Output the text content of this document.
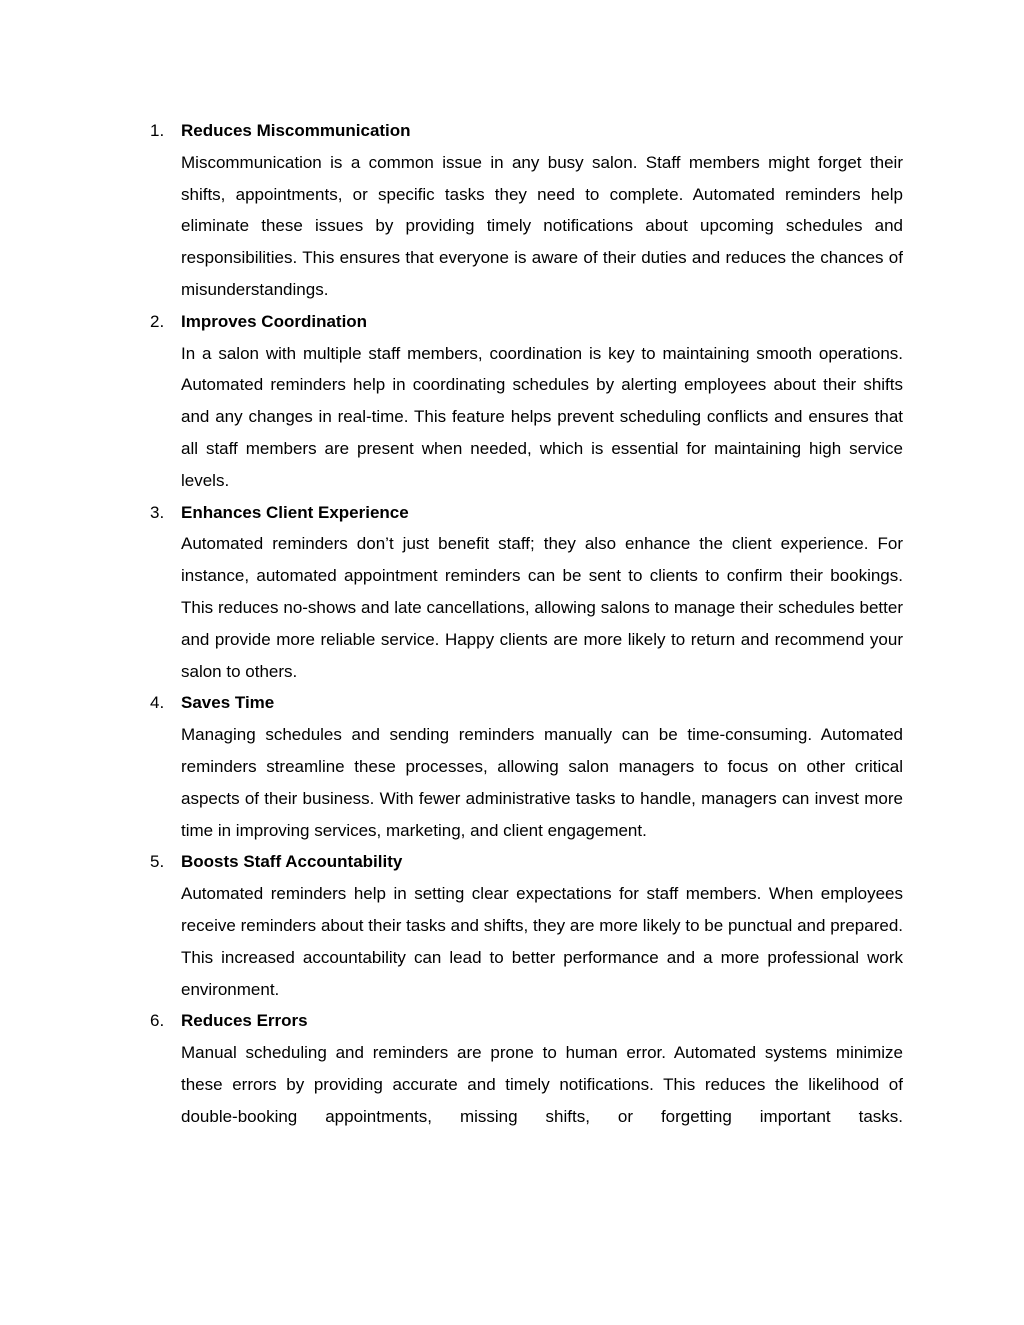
1. Reduces Miscommunication

Miscommunication is a common issue in any busy salon. Staff members might forget their shifts, appointments, or specific tasks they need to complete. Automated reminders help eliminate these issues by providing timely notifications about upcoming schedules and responsibilities. This ensures that everyone is aware of their duties and reduces the chances of misunderstandings.

2. Improves Coordination

In a salon with multiple staff members, coordination is key to maintaining smooth operations. Automated reminders help in coordinating schedules by alerting employees about their shifts and any changes in real-time. This feature helps prevent scheduling conflicts and ensures that all staff members are present when needed, which is essential for maintaining high service levels.

3. Enhances Client Experience

Automated reminders don’t just benefit staff; they also enhance the client experience. For instance, automated appointment reminders can be sent to clients to confirm their bookings. This reduces no-shows and late cancellations, allowing salons to manage their schedules better and provide more reliable service. Happy clients are more likely to return and recommend your salon to others.

4. Saves Time

Managing schedules and sending reminders manually can be time-consuming. Automated reminders streamline these processes, allowing salon managers to focus on other critical aspects of their business. With fewer administrative tasks to handle, managers can invest more time in improving services, marketing, and client engagement.

5. Boosts Staff Accountability

Automated reminders help in setting clear expectations for staff members. When employees receive reminders about their tasks and shifts, they are more likely to be punctual and prepared. This increased accountability can lead to better performance and a more professional work environment.

6. Reduces Errors

Manual scheduling and reminders are prone to human error. Automated systems minimize these errors by providing accurate and timely notifications. This reduces the likelihood of double-booking appointments, missing shifts, or forgetting important tasks.
